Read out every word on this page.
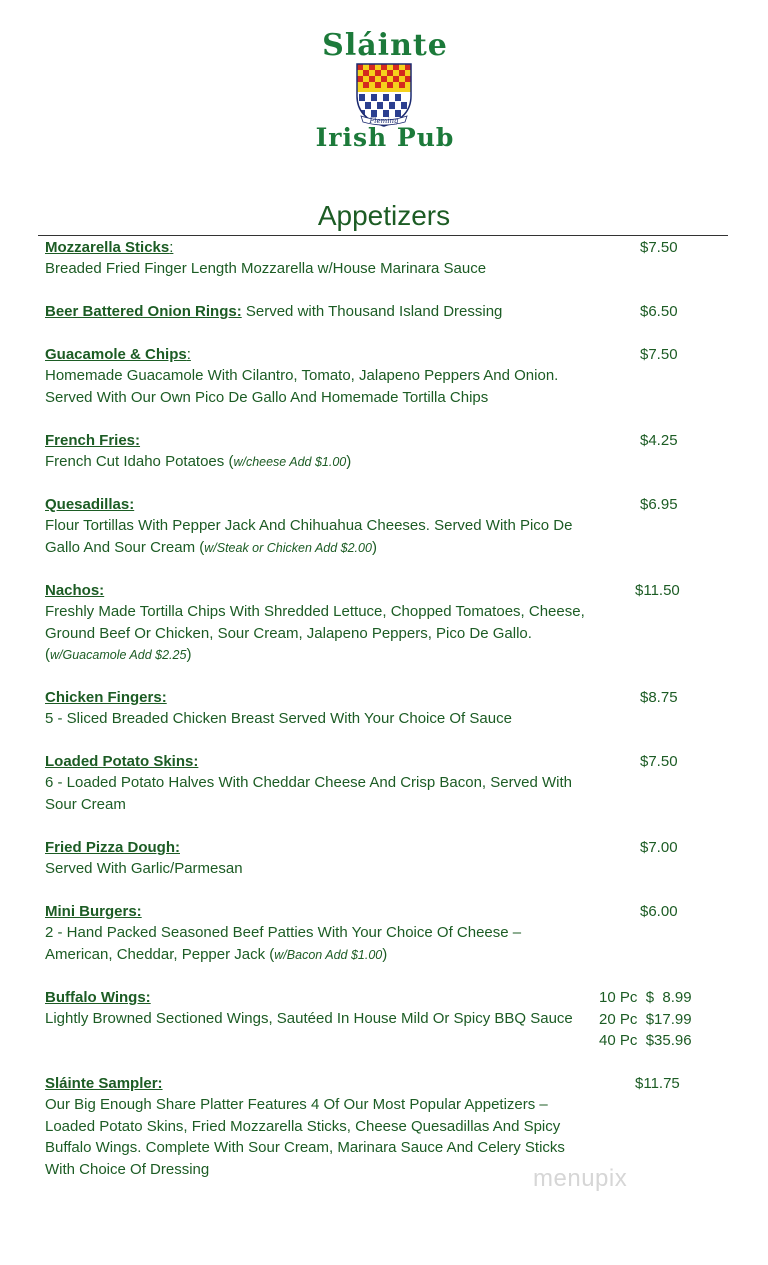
Sláinte
Fleming
Irish Pub
Appetizers
Mozzarella Sticks:
Breaded Fried Finger Length Mozzarella w/House Marinara Sauce
$7.50
Beer Battered Onion Rings: Served with Thousand Island Dressing	$6.50
Guacamole & Chips:
Homemade Guacamole With Cilantro, Tomato, Jalapeno Peppers And Onion. Served With Our Own Pico De Gallo And Homemade Tortilla Chips
$7.50
French Fries:
French Cut Idaho Potatoes (w/cheese Add $1.00)
$4.25
Quesadillas:
Flour Tortillas With Pepper Jack And Chihuahua Cheeses. Served With Pico De Gallo And Sour Cream (w/Steak or Chicken Add $2.00)
$6.95
Nachos:
Freshly Made Tortilla Chips With Shredded Lettuce, Chopped Tomatoes, Cheese, Ground Beef Or Chicken, Sour Cream, Jalapeno Peppers, Pico De Gallo. (w/Guacamole Add $2.25)
$11.50
Chicken Fingers:
5 - Sliced Breaded Chicken Breast Served With Your Choice Of Sauce
$8.75
Loaded Potato Skins:
6 - Loaded Potato Halves With Cheddar Cheese And Crisp Bacon, Served With Sour Cream
$7.50
Fried Pizza Dough:
Served With Garlic/Parmesan
$7.00
Mini Burgers:
2 - Hand Packed Seasoned Beef Patties With Your Choice Of Cheese – American, Cheddar, Pepper Jack (w/Bacon Add $1.00)
$6.00
Buffalo Wings:
Lightly Browned Sectioned Wings, Sautéed In House Mild Or Spicy BBQ Sauce
10 Pc  $  8.99
20 Pc  $17.99
40 Pc  $35.96
Sláinte Sampler:
Our Big Enough Share Platter Features 4 Of Our Most Popular Appetizers – Loaded Potato Skins, Fried Mozzarella Sticks, Cheese Quesadillas And Spicy Buffalo Wings. Complete With Sour Cream, Marinara Sauce And Celery Sticks With Choice Of Dressing
$11.75
menupix
